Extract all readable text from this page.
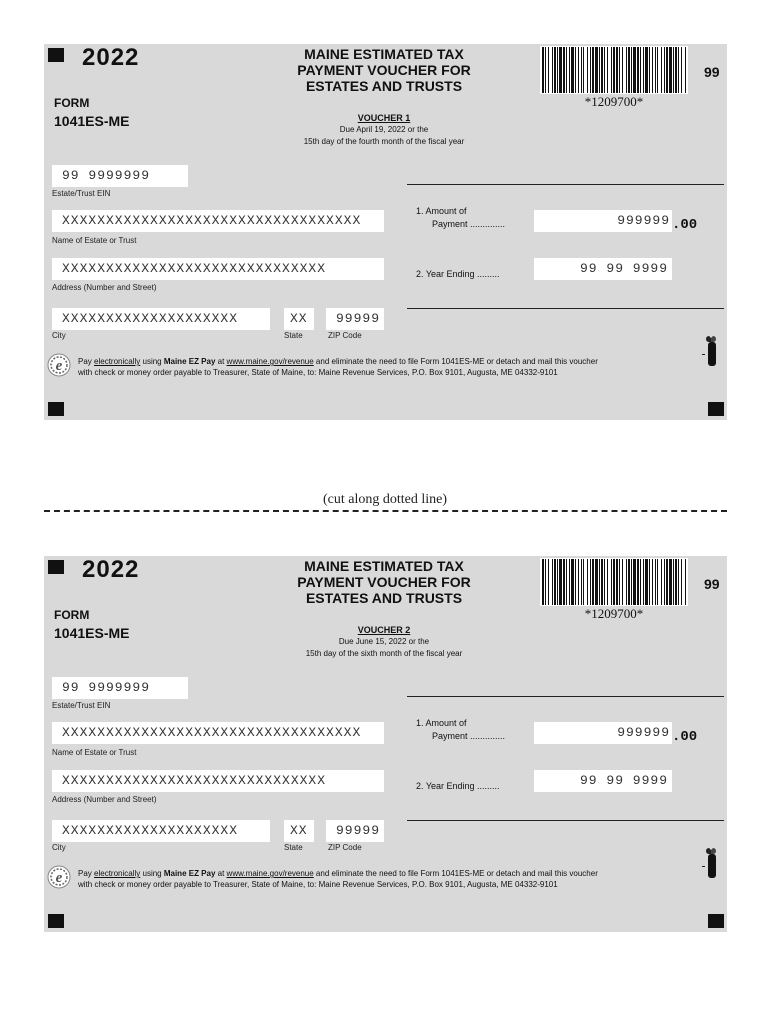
2022
FORM
1041ES-ME
MAINE ESTIMATED TAX
PAYMENT VOUCHER FOR
ESTATES AND TRUSTS
VOUCHER 1
Due April 19, 2022 or the
15th day of the fourth month of the fiscal year
*1209700*
99
99 9999999
Estate/Trust EIN
XXXXXXXXXXXXXXXXXXXXXXXXXXXXXXXXXX
Name of Estate or Trust
1. Amount of
Payment ..............	999999 .00
XXXXXXXXXXXXXXXXXXXXXXXXXXXXXX
Address (Number and Street)
2. Year Ending .........	99 99 9999
XXXXXXXXXXXXXXXXXXXX
City
XX
State
99999
ZIP Code
e Pay electronically using Maine EZ Pay at www.maine.gov/revenue and eliminate the need to file Form 1041ES-ME or detach and mail this voucher
with check or money order payable to Treasurer, State of Maine, to: Maine Revenue Services, P.O. Box 9101, Augusta, ME 04332-9101
(cut along dotted line)
2022
FORM
1041ES-ME
MAINE ESTIMATED TAX
PAYMENT VOUCHER FOR
ESTATES AND TRUSTS
VOUCHER 2
Due June 15, 2022 or the
15th day of the sixth month of the fiscal year
*1209700*
99
99 9999999
Estate/Trust EIN
XXXXXXXXXXXXXXXXXXXXXXXXXXXXXXXXXX
Name of Estate or Trust
1. Amount of
Payment ..............	999999 .00
XXXXXXXXXXXXXXXXXXXXXXXXXXXXXX
Address (Number and Street)
2. Year Ending .........	99 99 9999
XXXXXXXXXXXXXXXXXXXX
City
XX
State
99999
ZIP Code
e Pay electronically using Maine EZ Pay at www.maine.gov/revenue and eliminate the need to file Form 1041ES-ME or detach and mail this voucher
with check or money order payable to Treasurer, State of Maine, to: Maine Revenue Services, P.O. Box 9101, Augusta, ME 04332-9101
